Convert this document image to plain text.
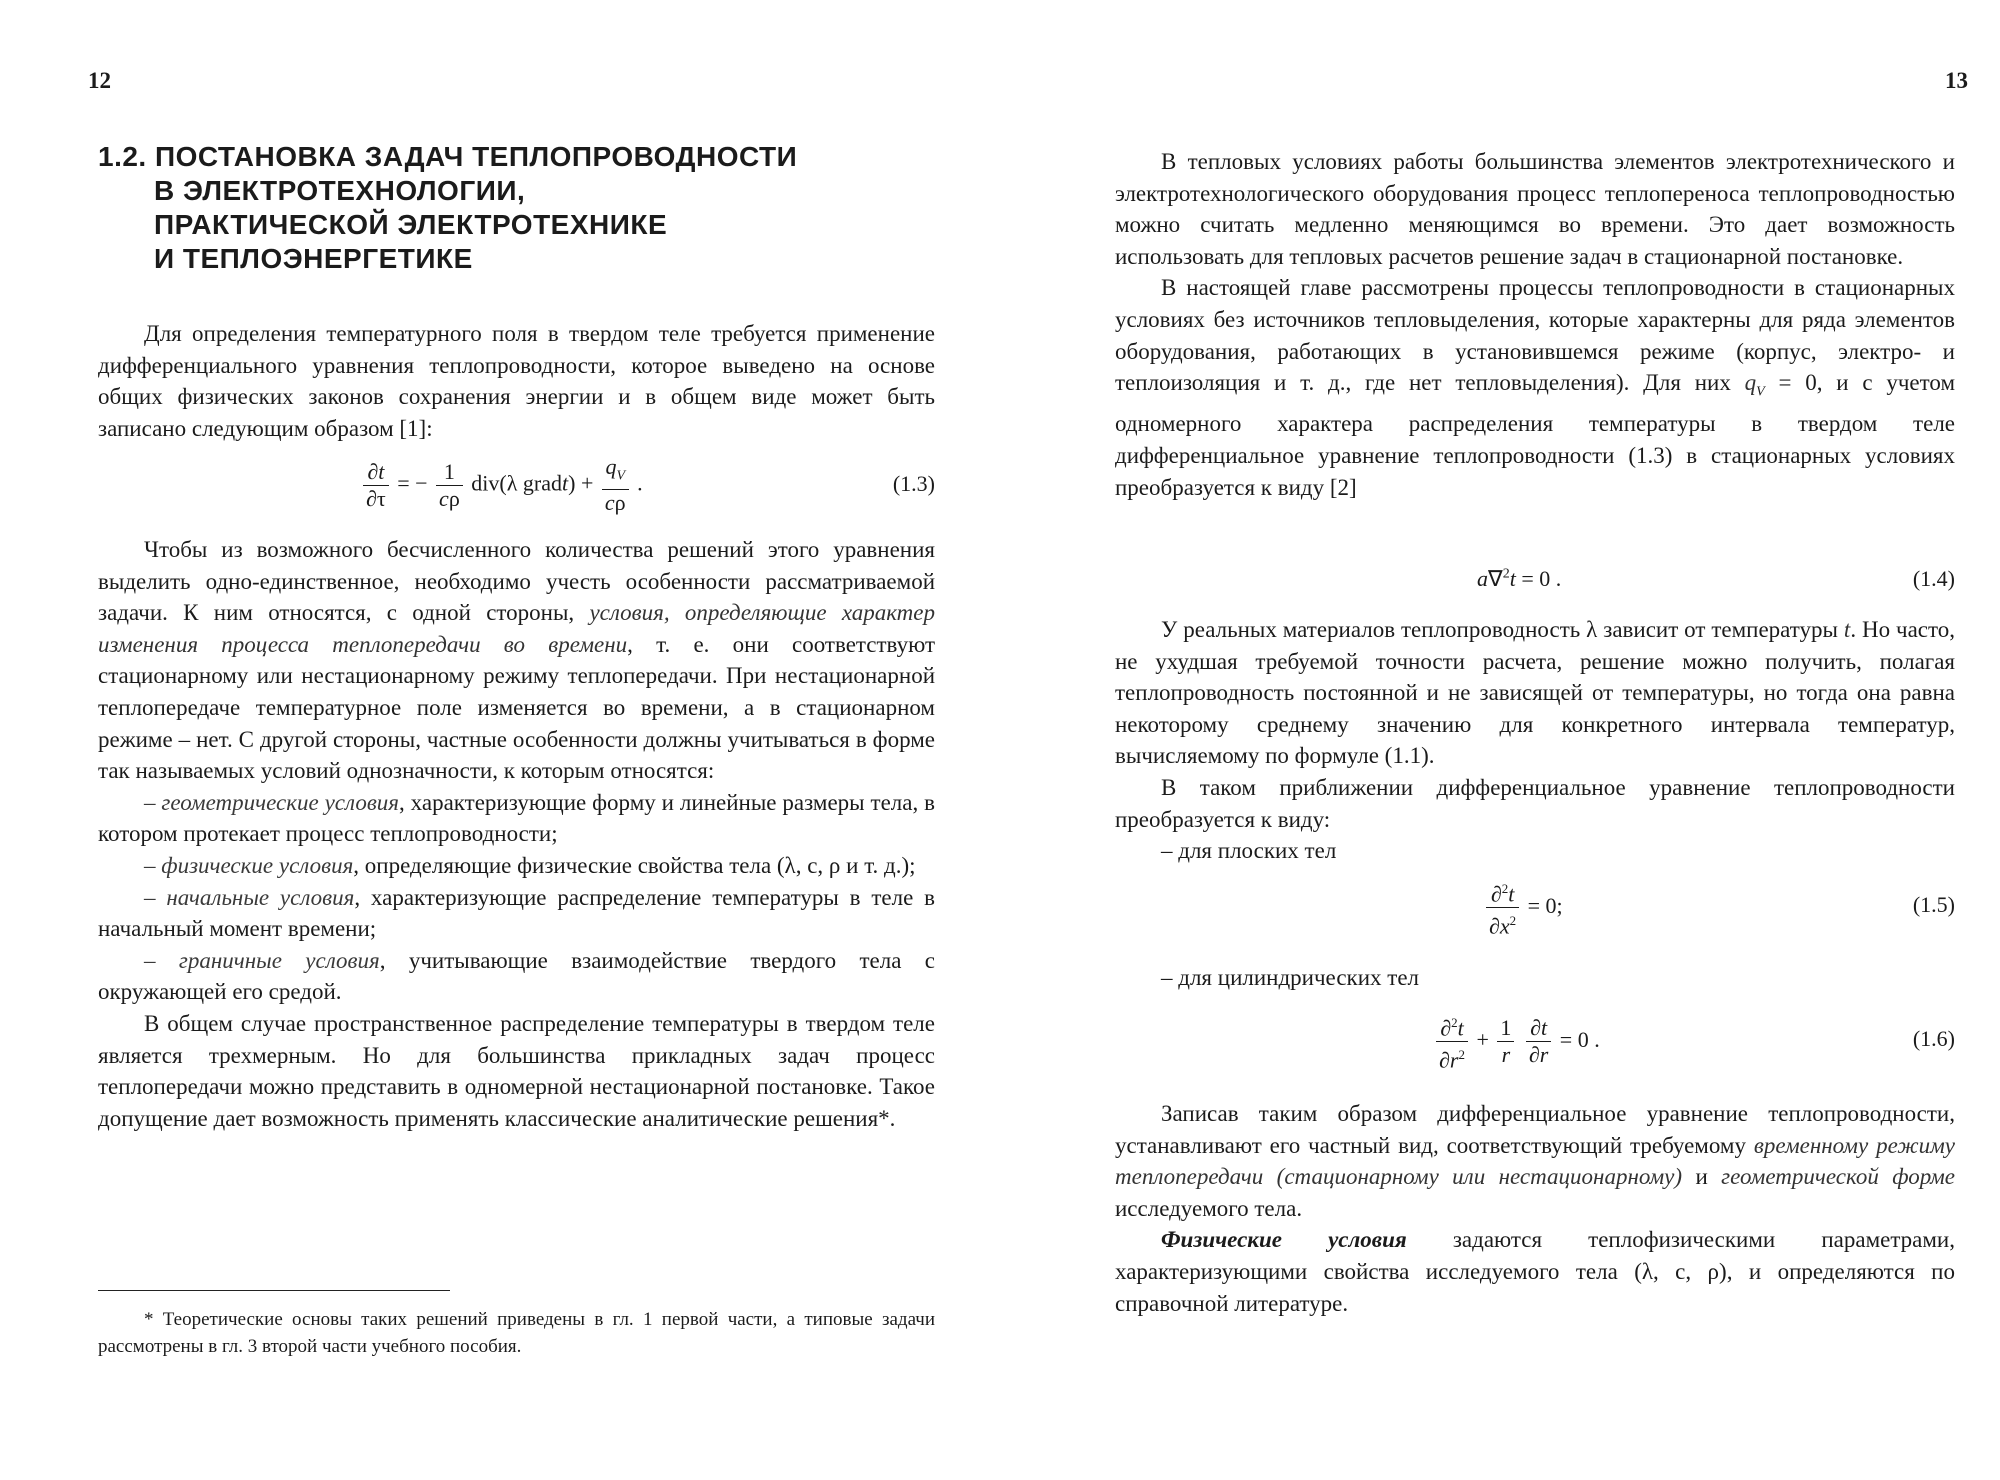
12	13
1.2. ПОСТАНОВКА ЗАДАЧ ТЕПЛОПРОВОДНОСТИ
В ЭЛЕКТРОТЕХНОЛОГИИ,
ПРАКТИЧЕСКОЙ ЭЛЕКТРОТЕХНИКЕ
И ТЕПЛОЭНЕРГЕТИКЕ

Для определения температурного поля в твердом теле требуется применение дифференциального уравнения теплопроводности, которое выведено на основе общих физических законов сохранения энергии и в общем виде может быть записано следующим образом [1]:

$\frac{\partial t}{\partial\tau}$ = − $\frac{1}{c\rho} div(\lambda$ gradt) + $\frac{q_V}{c\rho}$ .	(1.3)

Чтобы из возможного бесчисленного количества решений этого уравнения выделить одно-единственное, необходимо учесть особенности рассматриваемой задачи. К ним относятся, с одной стороны, условия, определяющие характер изменения процесса теплопередачи во времени, т. е. они соответствуют стационарному или нестационарному режиму теплопередачи. При нестационарной теплопередаче температурное поле изменяется во времени, а в стационарном режиме – нет. С другой стороны, частные особенности должны учитываться в форме так называемых условий однозначности, к которым относятся:

– геометрические условия, характеризующие форму и линейные размеры тела, в котором протекает процесс теплопроводности;

– физические условия, определяющие физические свойства тела (λ, c, ρ и т. д.);

– начальные условия, характеризующие распределение температуры в теле в начальный момент времени;

– граничные условия, учитывающие взаимодействие твердого тела с окружающей его средой.

В общем случае пространственное распределение температуры в твердом теле является трехмерным. Но для большинства прикладных задач процесс теплопередачи можно представить в одномерной нестационарной постановке. Такое допущение дает возможность применять классические аналитические решения*.

* Теоретические основы таких решений приведены в гл. 1 первой части, а типовые задачи рассмотрены в гл. 3 второй части учебного пособия.

В тепловых условиях работы большинства элементов электротехнического и электротехнологического оборудования процесс теплопереноса теплопроводностью можно считать медленно меняющимся во времени. Это дает возможность использовать для тепловых расчетов решение задач в стационарной постановке.

В настоящей главе рассмотрены процессы теплопроводности в стационарных условиях без источников тепловыделения, которые характерны для ряда элементов оборудования, работающих в установившемся режиме (корпус, электро- и теплоизоляция и т. д., где нет тепловыделения). Для них $q_V = 0$, и с учетом одномерного характера распределения температуры в твердом теле дифференциальное уравнение теплопроводности (1.3) в стационарных условиях преобразуется к виду [2]

a∇$^2$t = 0 .	(1.4)

У реальных материалов теплопроводность λ зависит от температуры t. Но часто, не ухудшая требуемой точности расчета, решение можно получить, полагая теплопроводность постоянной и не зависящей от температуры, но тогда она равна некоторому среднему значению для конкретного интервала температур, вычисляемому по формуле (1.1).

В таком приближении дифференциальное уравнение теплопроводности преобразуется к виду:

– для плоских тел

$\frac{\partial^2t}{\partial x^2} = 0$;	(1.5)

– для цилиндрических тел

$\frac{\partial^2t}{\partial r^2} + \frac{1}{r}$
$\frac{\partial t}{\partial r} = 0$ .	(1.6)

Записав таким образом дифференциальное уравнение теплопроводности, устанавливают его частный вид, соответствующий требуемому временному режиму теплопередачи (стационарному или нестационарному) и геометрической форме исследуемого тела.

Физические условия задаются теплофизическими параметрами, характеризующими свойства исследуемого тела (λ, c, ρ), и определяются по справочной литературе.
